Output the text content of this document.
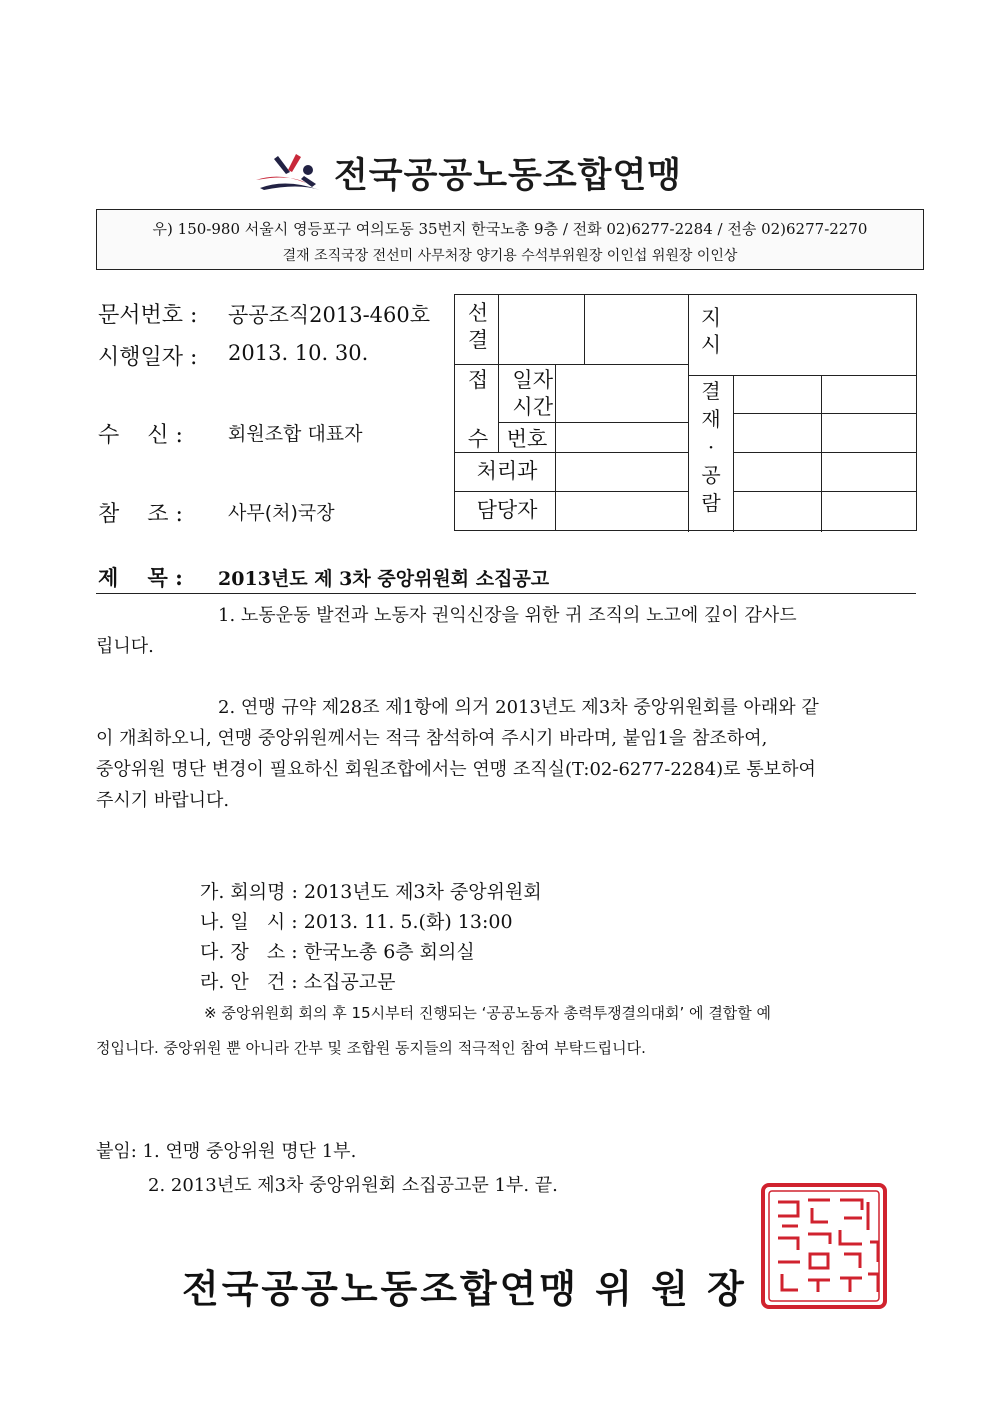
전국공공노동조합연맹
우) 150-980 서울시 영등포구 여의도동 35번지 한국노총 9층 / 전화 02)6277-2284 / 전송 02)6277-2270
결재 조직국장 전선미 사무처장 양기용 수석부위원장 이인섭 위원장 이인상
문서번호 : 공공조직2013-460호
시행일자 : 2013. 10. 30.
수    신 : 회원조합 대표자
참    조 : 사무(처)국장
선
결
지
시
접
수
일자
시간
번호
처리과
담당자
결
재
·
공
람
제    목 : 2013년도 제 3차 중앙위원회 소집공고
1. 노동운동 발전과 노동자 권익신장을 위한 귀 조직의 노고에 깊이 감사드
립니다.
2. 연맹 규약 제28조 제1항에 의거 2013년도 제3차 중앙위원회를 아래와 같
이 개최하오니, 연맹 중앙위원께서는 적극 참석하여 주시기 바라며, 붙임1을 참조하여,
중앙위원 명단 변경이 필요하신 회원조합에서는 연맹 조직실(T:02-6277-2284)로 통보하여
주시기 바랍니다.
가. 회의명 : 2013년도 제3차 중앙위원회
나. 일   시 : 2013. 11. 5.(화) 13:00
다. 장   소 : 한국노총 6층 회의실
라. 안   건 : 소집공고문
※ 중앙위원회 회의 후 15시부터 진행되는 ‘공공노동자 총력투쟁결의대회’ 에 결합할 예
정입니다. 중앙위원 뿐 아니라 간부 및 조합원 동지들의 적극적인 참여 부탁드립니다.
붙임: 1. 연맹 중앙위원 명단 1부.
2. 2013년도 제3차 중앙위원회 소집공고문 1부. 끝.
전국공공노동조합연맹 위 원 장
